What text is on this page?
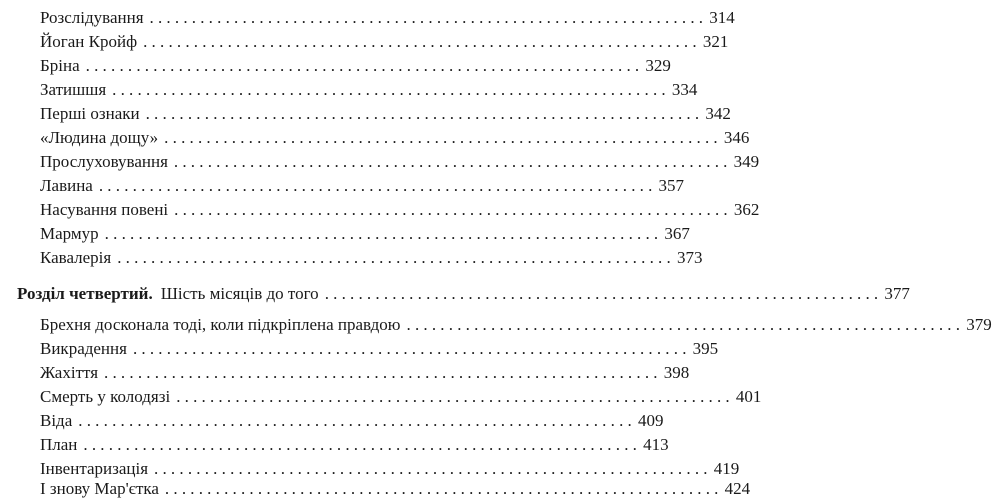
Розслідування .................................................................. 314
Йоган Кройф .................................................................. 321
Бріна .................................................................. 329
Затишшя .................................................................. 334
Перші ознаки .................................................................. 342
«Людина дощу» .................................................................. 346
Прослуховування .................................................................. 349
Лавина .................................................................. 357
Насування повені .................................................................. 362
Мармур .................................................................. 367
Кавалерія .................................................................. 373
Розділ четвертий. Шість місяців до того .................................................................. 377
Брехня досконала тоді, коли підкріплена правдою .................................................................. 379
Викрадення .................................................................. 395
Жахіття .................................................................. 398
Смерть у колодязі .................................................................. 401
Віда .................................................................. 409
План .................................................................. 413
Інвентаризація .................................................................. 419
І знову Мар'єтка .................................................................. 424
